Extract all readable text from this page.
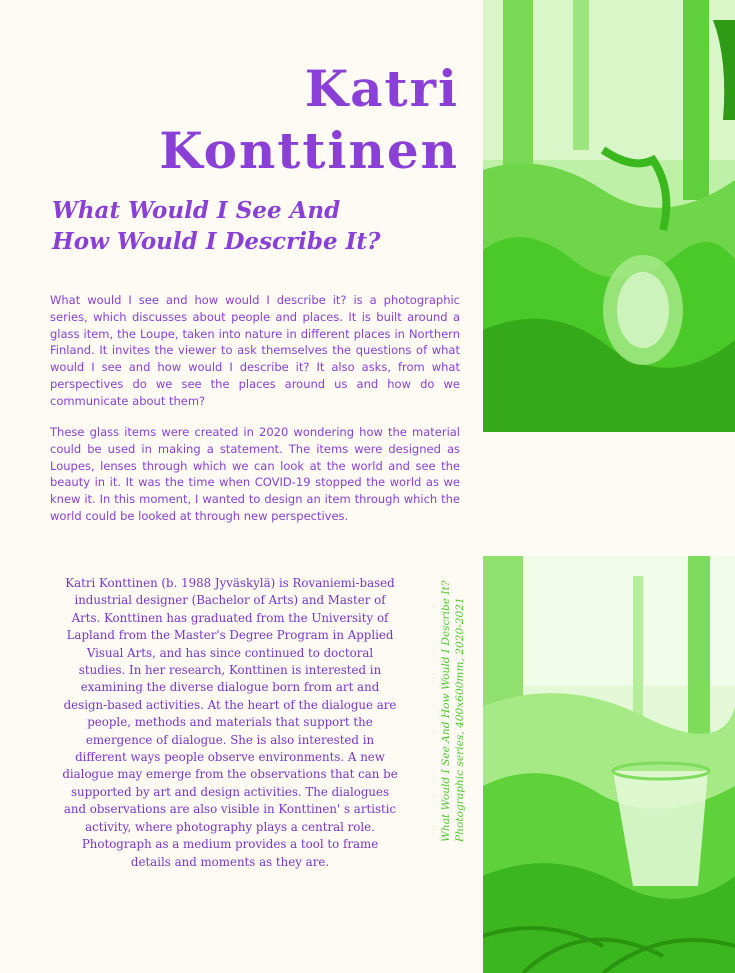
Katri
Konttinen
What Would I See And
How Would I Describe It?

What would I see and how would I describe it? is a photographic series, which discusses about people and places. It is built around a glass item, the Loupe, taken into nature in different places in Northern Finland. It invites the viewer to ask themselves the questions of what would I see and how would I describe it? It also asks, from what perspectives do we see the places around us and how do we communicate about them?

These glass items were created in 2020 wondering how the material could be used in making a statement. The items were designed as Loupes, lenses through which we can look at the world and see the beauty in it. It was the time when COVID-19 stopped the world as we knew it. In this moment, I wanted to design an item through which the world could be looked at through new perspectives.

Katri Konttinen (b. 1988 Jyväskylä) is Rovaniemi-based industrial designer (Bachelor of Arts) and Master of Arts. Konttinen has graduated from the University of Lapland from the Master's Degree Program in Applied Visual Arts, and has since continued to doctoral studies. In her research, Konttinen is interested in examining the diverse dialogue born from art and design-based activities. At the heart of the dialogue are people, methods and materials that support the emergence of dialogue. She is also interested in different ways people observe environments. A new dialogue may emerge from the observations that can be supported by art and design activities. The dialogues and observations are also visible in Konttinen' s artistic activity, where photography plays a central role. Photograph as a medium provides a tool to frame details and moments as they are.

What Would I See And How Would I Describe It? Photographic series, 400x600mm, 2020-2021
